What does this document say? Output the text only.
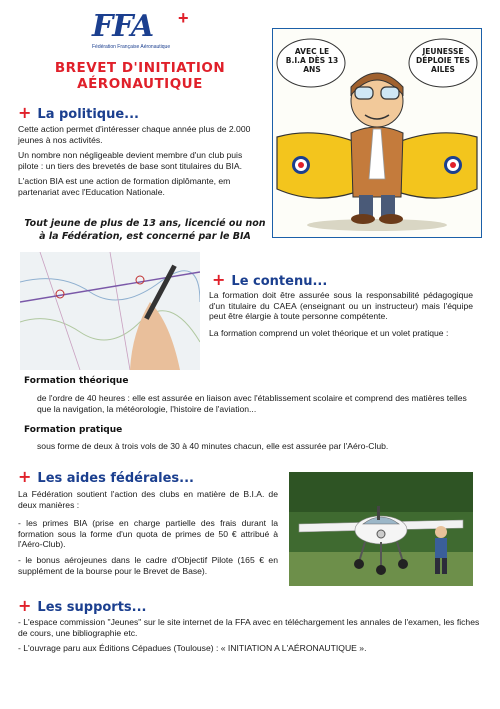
FFA	+
Fédération Française Aéronautique
BREVET D'INITIATION
AÉRONAUTIQUE
AVEC LE B.I.A DÈS 13 ANS
JEUNESSE DÉPLOIE TES AILES
+ La politique...

Cette action permet d'intéresser chaque année plus de 2.000 jeunes à nos activités.

Un nombre non négligeable devient membre d'un club puis pilote : un tiers des brevetés de base sont titulaires du BIA.

L'action BIA est une action de formation diplômante, em partenariat avec l'Education Nationale.

Tout jeune de plus de 13 ans, licencié ou non
à la Fédération, est concerné par le BIA
+ Le contenu...

La formation doit être assurée sous la responsabilité pédagogique d'un titulaire du CAEA (enseignant ou un instructeur) mais l'équipe peut être élargie à toute personne compétente.

La formation comprend un volet théorique et un volet pratique :

Formation théorique
de l'ordre de 40 heures : elle est assurée en liaison avec l'établissement scolaire et comprend des matières telles que la navigation, la météorologie, l'histoire de l'aviation...
Formation pratique
sous forme de deux à trois vols de 30 à 40 minutes chacun, elle est assurée par l'Aéro-Club.
+ Les aides fédérales...

La Fédération soutient l'action des clubs en matière de B.I.A. de deux manières :

- les primes BIA (prise en charge partielle des frais durant la formation sous la forme d'un quota de primes de 50 € attribué à l'Aéro-Club).

- le bonus aérojeunes dans le cadre d'Objectif Pilote (165 € en supplément de la bourse pour le Brevet de Base).

+ Les supports...

- L'espace commission "Jeunes" sur le site internet de la FFA avec en téléchargement les annales de l'examen, les fiches de cours, une bibliographie etc.

- L'ouvrage paru aux Éditions Cépadues (Toulouse) : « INITIATION A L'AÉRONAUTIQUE ».
